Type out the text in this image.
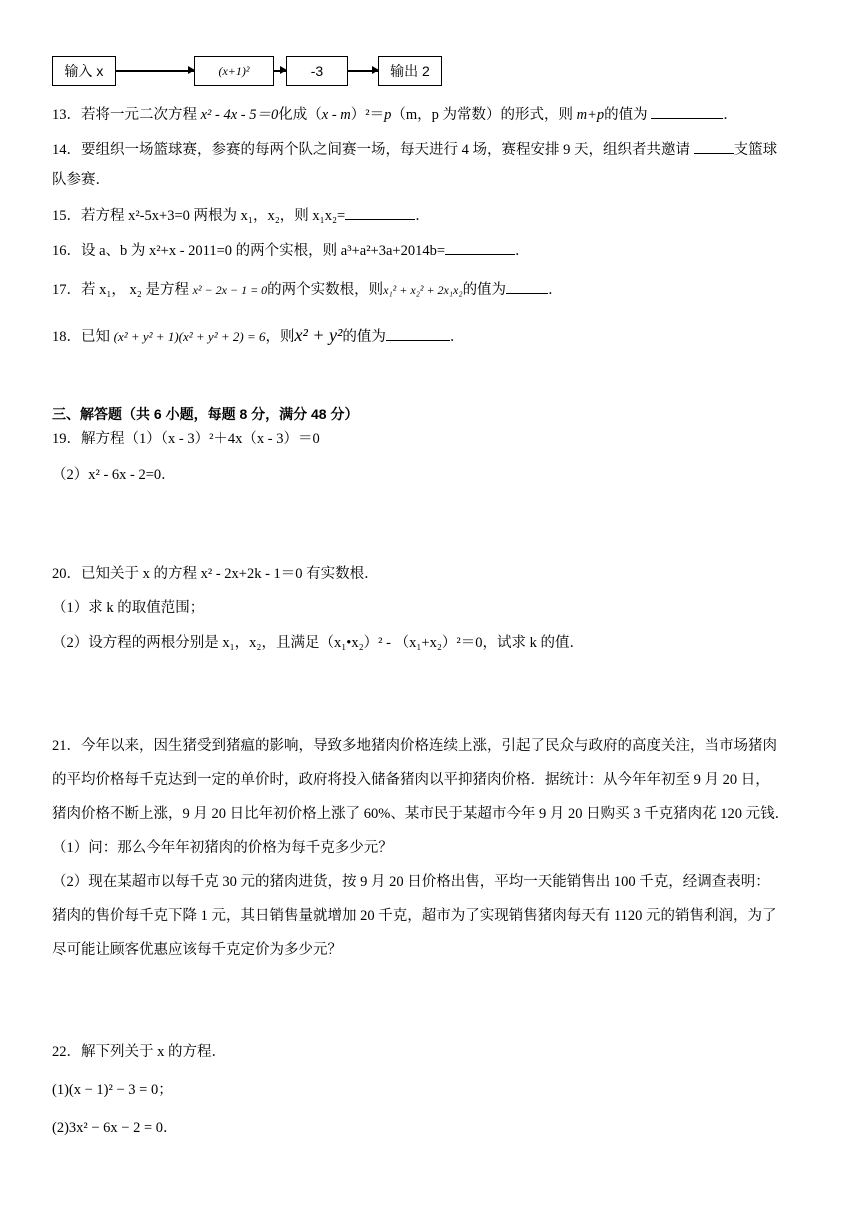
输入 x	(x+1)²	-3	输出 2
13．若将一元二次方程 x² - 4x - 5＝0化成（x - m）²＝p（m，p 为常数）的形式，则 m+p的值为	．
14．要组织一场篮球赛，参赛的每两个队之间赛一场，每天进行 4 场，赛程安排 9 天，组织者共邀请	支篮球
队参赛．
15．若方程 x²-5x+3=0 两根为 x₁，x₂，则 x₁x₂=	．
16．设 a、b 为 x²+x - 2011=0 的两个实根，则 a³+a²+3a+2014b=	．
17．若 x₁， x₂ 是方程 x² − 2x − 1 = 0的两个实数根，则x₁² + x₂² + 2x₁x₂的值为	．
18．已知 (x² + y² + 1)(x² + y² + 2) = 6，则x² + y²的值为	．
三、解答题（共 6 小题，每题 8 分，满分 48 分）
19．解方程（1）（x - 3）²＋4x（x - 3）＝0
（2）x² - 6x - 2=0．
20．已知关于 x 的方程 x² - 2x+2k - 1＝0 有实数根．
（1）求 k 的取值范围；
（2）设方程的两根分别是 x₁，x₂，且满足（x₁•x₂）² - （x₁+x₂）²＝0，试求 k 的值．
21．今年以来，因生猪受到猪瘟的影响，导致多地猪肉价格连续上涨，引起了民众与政府的高度关注，当市场猪肉
的平均价格每千克达到一定的单价时，政府将投入储备猪肉以平抑猪肉价格．据统计：从今年年初至 9 月 20 日，
猪肉价格不断上涨，9 月 20 日比年初价格上涨了 60%、某市民于某超市今年 9 月 20 日购买 3 千克猪肉花 120 元钱．
（1）问：那么今年年初猪肉的价格为每千克多少元？
（2）现在某超市以每千克 30 元的猪肉进货，按 9 月 20 日价格出售，平均一天能销售出 100 千克，经调查表明：
猪肉的售价每千克下降 1 元，其日销售量就增加 20 千克，超市为了实现销售猪肉每天有 1120 元的销售利润，为了
尽可能让顾客优惠应该每千克定价为多少元？
22．解下列关于 x 的方程．
(1)(x − 1)² − 3 = 0；
(2)3x² − 6x − 2 = 0．
